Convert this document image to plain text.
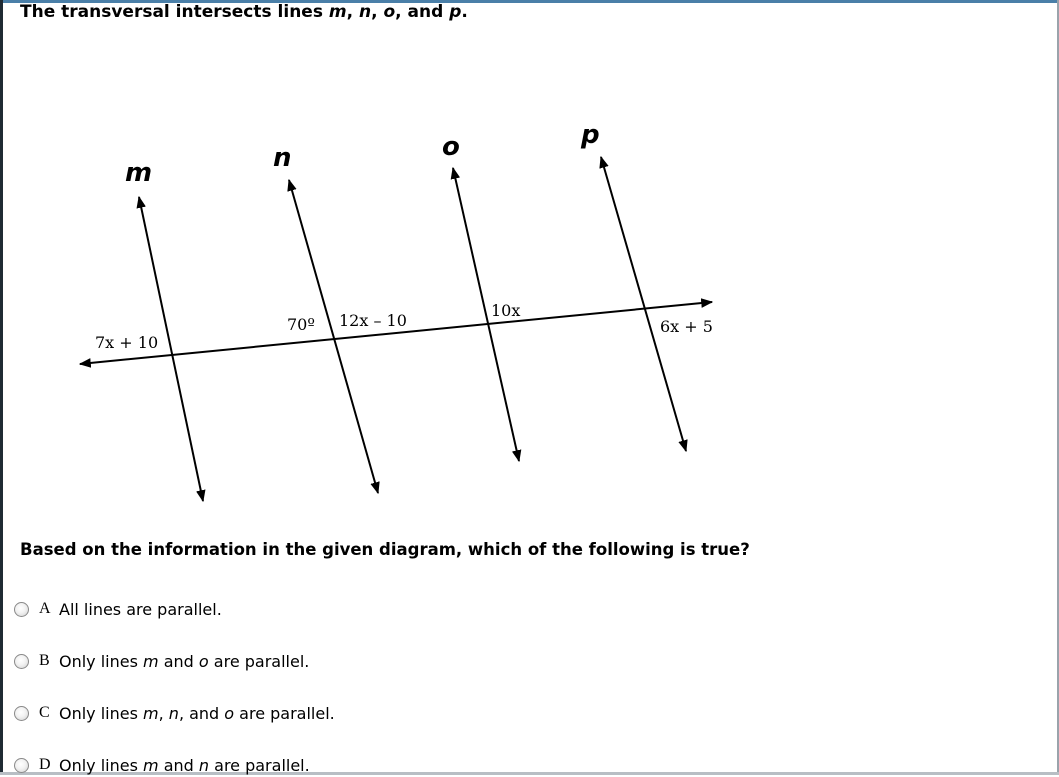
The transversal intersects lines m, n, o, and p.
m	n	o	p
7x + 10
70º 12x – 10
10x
6x + 5
Based on the information in the given diagram, which of the following is true?
A All lines are parallel.
B Only lines m and o are parallel.
C Only lines m, n, and o are parallel.
D Only lines m and n are parallel.
